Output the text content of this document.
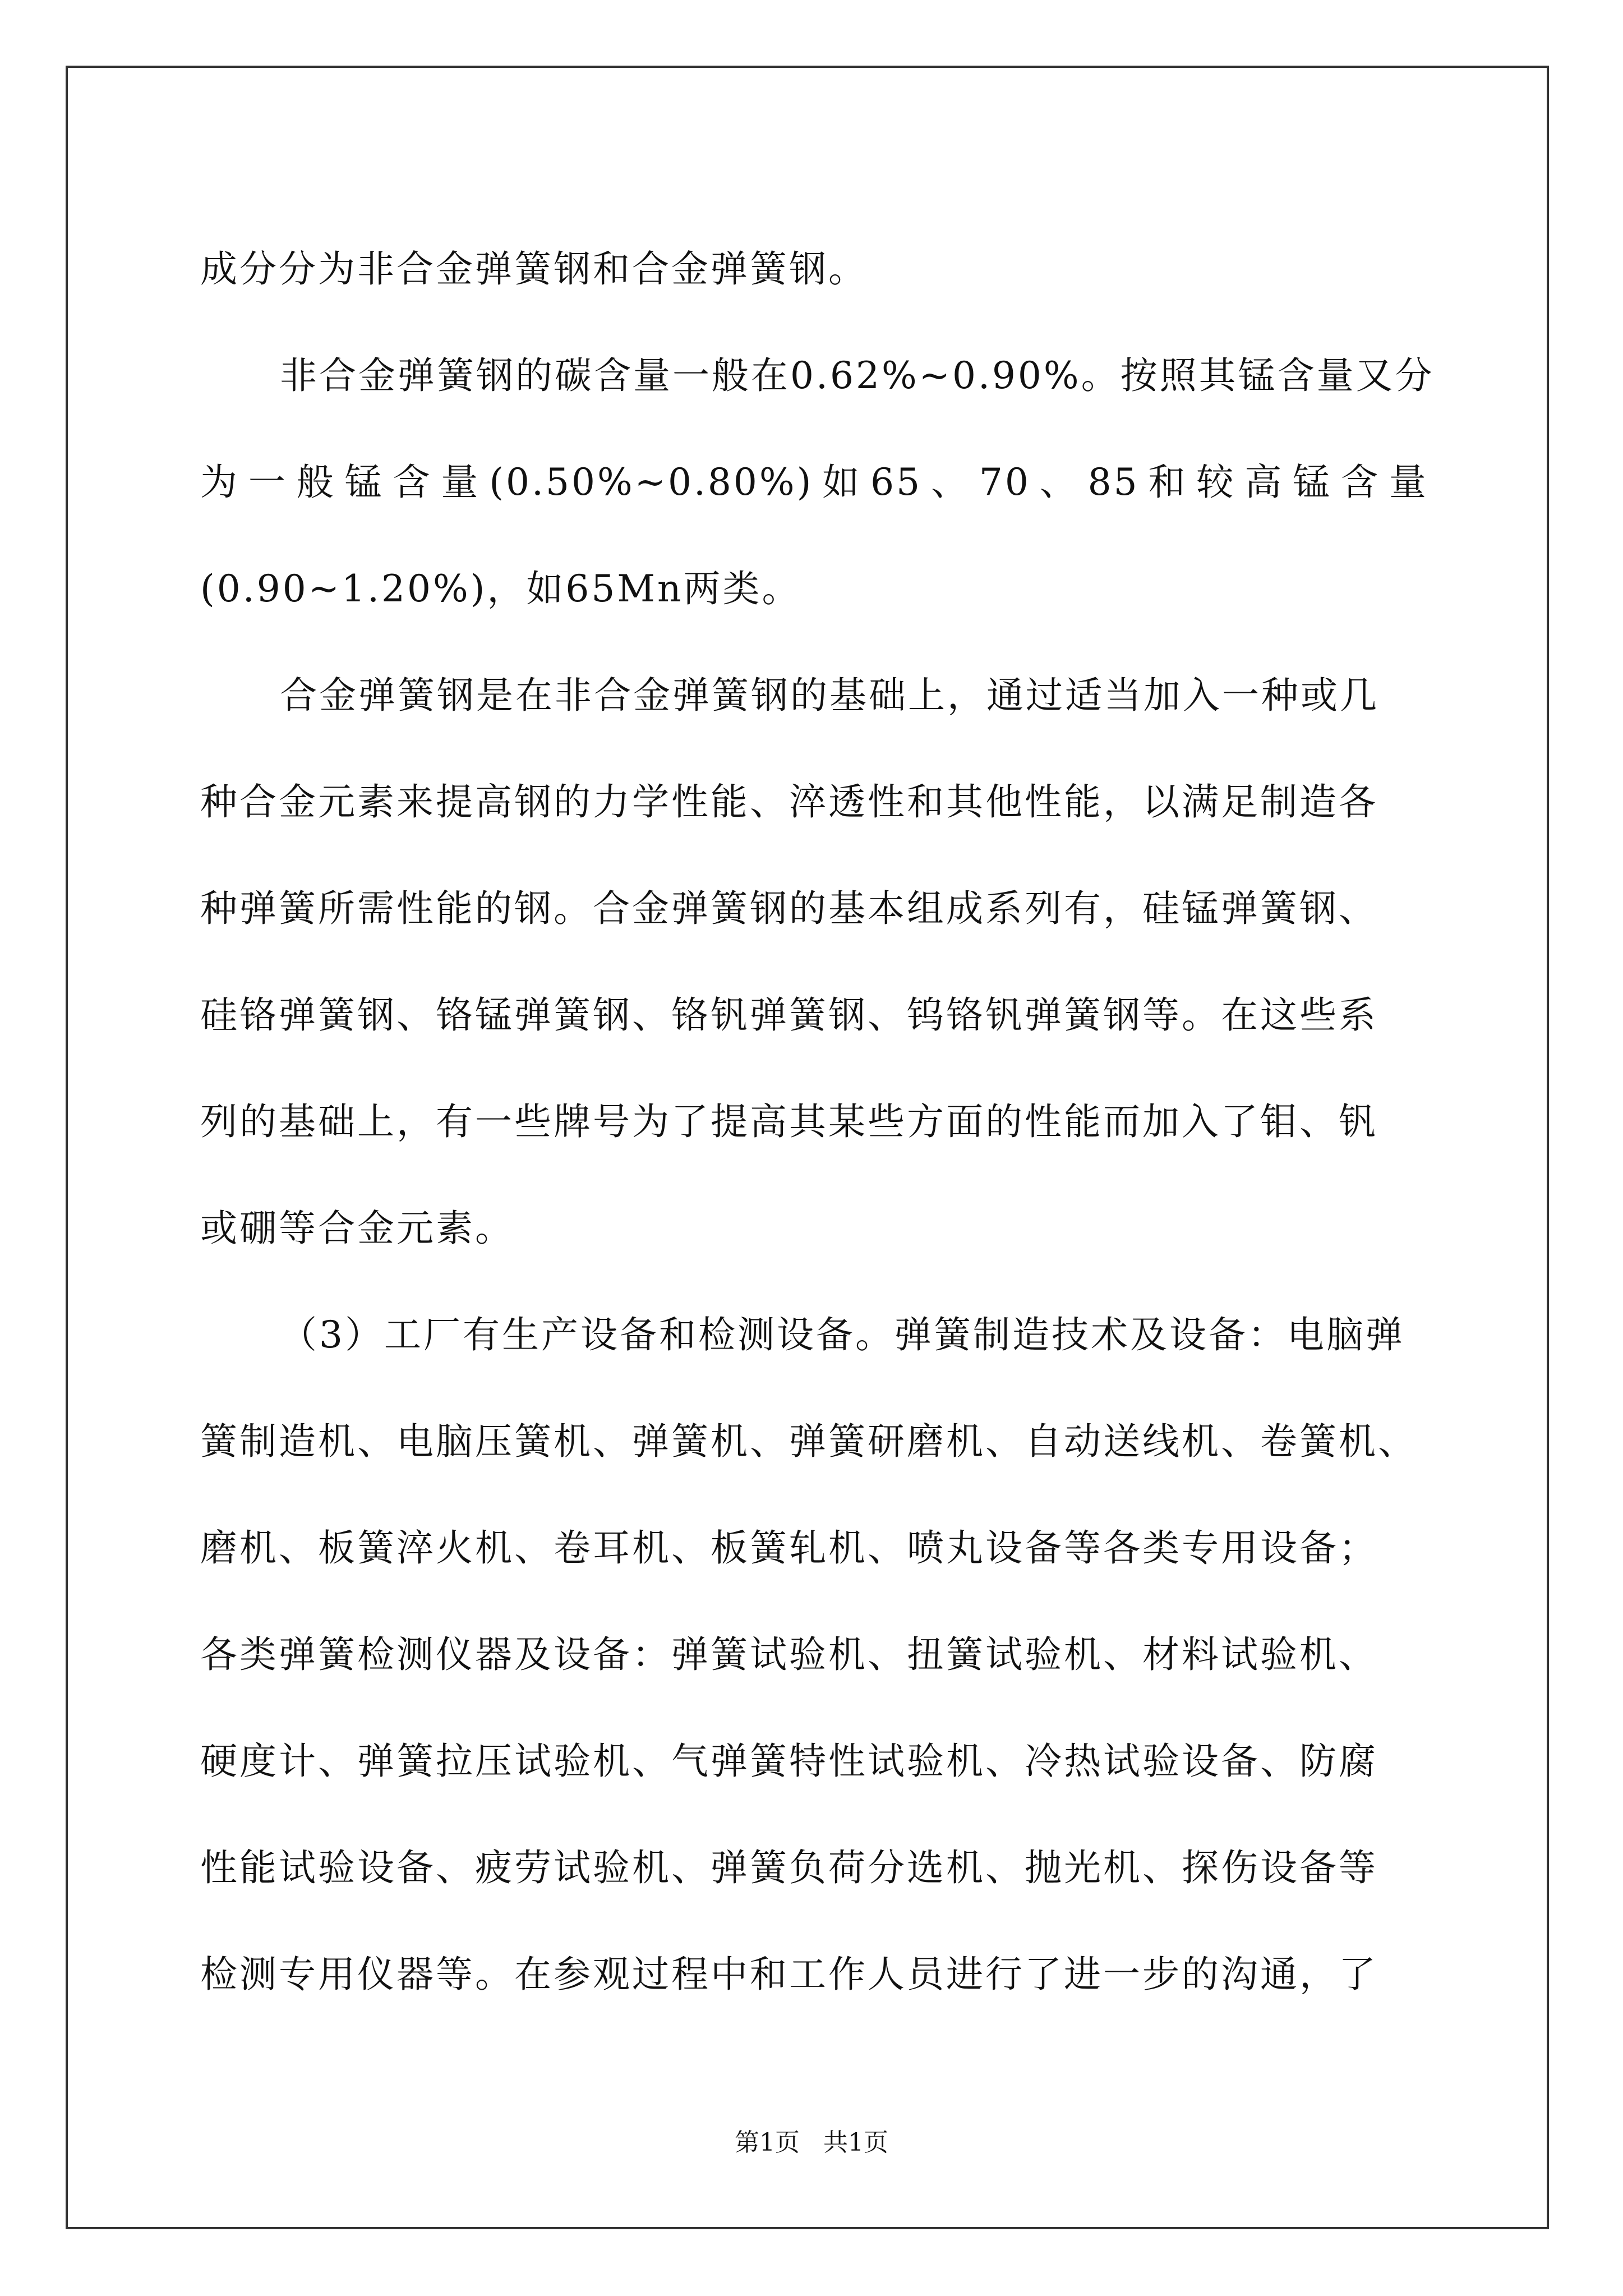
成分分为非合金弹簧钢和合金弹簧钢。
非合金弹簧钢的碳含量一般在0.62%~0.90%。按照其锰含量又分
为 一 般 锰 含 量 (0.50%~0.80%) 如 65 、 70 、 85 和 较 高 锰 含 量
(0.90~1.20%)，如65Mn两类。
合金弹簧钢是在非合金弹簧钢的基础上，通过适当加入一种或几
种合金元素来提高钢的力学性能、淬透性和其他性能，以满足制造各
种弹簧所需性能的钢。合金弹簧钢的基本组成系列有，硅锰弹簧钢、
硅铬弹簧钢、铬锰弹簧钢、铬钒弹簧钢、钨铬钒弹簧钢等。在这些系
列的基础上，有一些牌号为了提高其某些方面的性能而加入了钼、钒
或硼等合金元素。
（3）工厂有生产设备和检测设备。弹簧制造技术及设备：电脑弹
簧制造机、电脑压簧机、弹簧机、弹簧研磨机、自动送线机、卷簧机、
磨机、板簧淬火机、卷耳机、板簧轧机、喷丸设备等各类专用设备；
各类弹簧检测仪器及设备：弹簧试验机、扭簧试验机、材料试验机、
硬度计、弹簧拉压试验机、气弹簧特性试验机、冷热试验设备、防腐
性能试验设备、疲劳试验机、弹簧负荷分选机、抛光机、探伤设备等
检测专用仪器等。在参观过程中和工作人员进行了进一步的沟通，了
第1页   共1页
